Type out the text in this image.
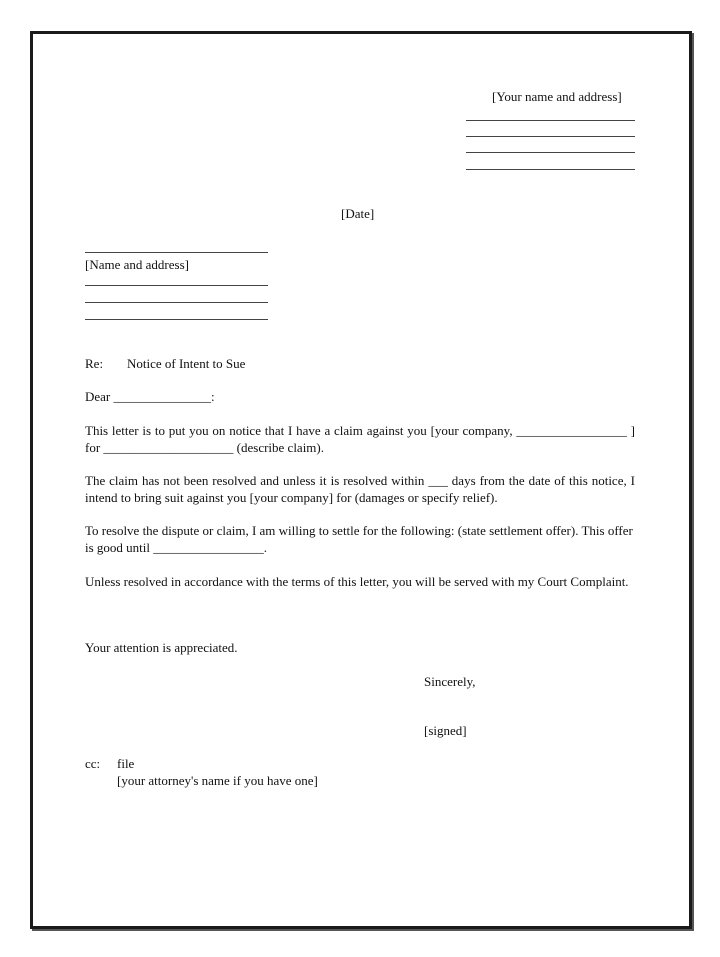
[Your name and address]
[Date]
[Name and address]
Re: Notice of Intent to Sue
Dear _______________:
This letter is to put you on notice that I have a claim against you [your company, _________________ ] for ____________________ (describe claim).
The claim has not been resolved and unless it is resolved within ___ days from the date of this notice, I intend to bring suit against you [your company] for (damages or specify relief).
To resolve the dispute or claim, I am willing to settle for the following: (state settlement offer). This offer is good until _________________.
Unless resolved in accordance with the terms of this letter, you will be served with my Court Complaint.
Your attention is appreciated.
Sincerely,
[signed]
cc: file
[your attorney's name if you have one]
